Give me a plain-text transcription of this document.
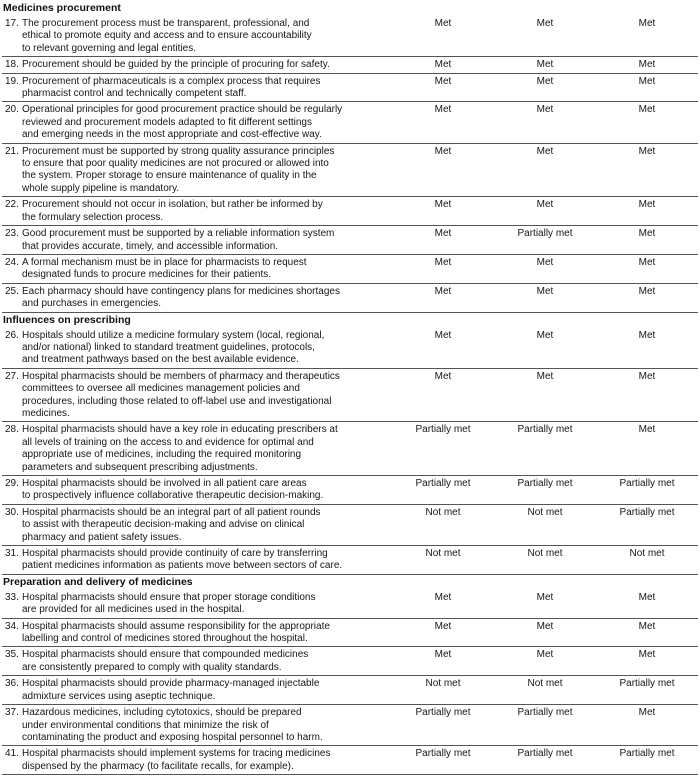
Medicines procurement
17. The procurement process must be transparent, professional, and
ethical to promote equity and access and to ensure accountability
to relevant governing and legal entities.
Met	Met	Met
18. Procurement should be guided by the principle of procuring for safety.	Met	Met	Met
19. Procurement of pharmaceuticals is a complex process that requires
pharmacist control and technically competent staff.
Met	Met	Met
20. Operational principles for good procurement practice should be regularly
reviewed and procurement models adapted to fit different settings
and emerging needs in the most appropriate and cost-effective way.
Met	Met	Met
21. Procurement must be supported by strong quality assurance principles
to ensure that poor quality medicines are not procured or allowed into
the system. Proper storage to ensure maintenance of quality in the
whole supply pipeline is mandatory.
Met	Met	Met
22. Procurement should not occur in isolation, but rather be informed by
the formulary selection process.
Met	Met	Met
23. Good procurement must be supported by a reliable information system
that provides accurate, timely, and accessible information.
Met	Partially met	Met
24. A formal mechanism must be in place for pharmacists to request
designated funds to procure medicines for their patients.
Met	Met	Met
25. Each pharmacy should have contingency plans for medicines shortages
and purchases in emergencies.
Met	Met	Met
Influences on prescribing
26. Hospitals should utilize a medicine formulary system (local, regional,
and/or national) linked to standard treatment guidelines, protocols,
and treatment pathways based on the best available evidence.
Met	Met	Met
27. Hospital pharmacists should be members of pharmacy and therapeutics
committees to oversee all medicines management policies and
procedures, including those related to off-label use and investigational
medicines.
Met	Met	Met
28. Hospital pharmacists should have a key role in educating prescribers at
all levels of training on the access to and evidence for optimal and
appropriate use of medicines, including the required monitoring
parameters and subsequent prescribing adjustments.
Partially met	Partially met	Met
29. Hospital pharmacists should be involved in all patient care areas
to prospectively influence collaborative therapeutic decision-making.
Partially met	Partially met	Partially met
30. Hospital pharmacists should be an integral part of all patient rounds
to assist with therapeutic decision-making and advise on clinical
pharmacy and patient safety issues.
Not met	Not met	Partially met
31. Hospital pharmacists should provide continuity of care by transferring
patient medicines information as patients move between sectors of care.
Not met	Not met	Not met
Preparation and delivery of medicines
33. Hospital pharmacists should ensure that proper storage conditions
are provided for all medicines used in the hospital.
Met	Met	Met
34. Hospital pharmacists should assume responsibility for the appropriate
labelling and control of medicines stored throughout the hospital.
Met	Met	Met
35. Hospital pharmacists should ensure that compounded medicines
are consistently prepared to comply with quality standards.
Met	Met	Met
36. Hospital pharmacists should provide pharmacy-managed injectable
admixture services using aseptic technique.
Not met	Not met	Partially met
37. Hazardous medicines, including cytotoxics, should be prepared
under environmental conditions that minimize the risk of
contaminating the product and exposing hospital personnel to harm.
Partially met	Partially met	Met
41. Hospital pharmacists should implement systems for tracing medicines
dispensed by the pharmacy (to facilitate recalls, for example).
Partially met	Partially met	Partially met
